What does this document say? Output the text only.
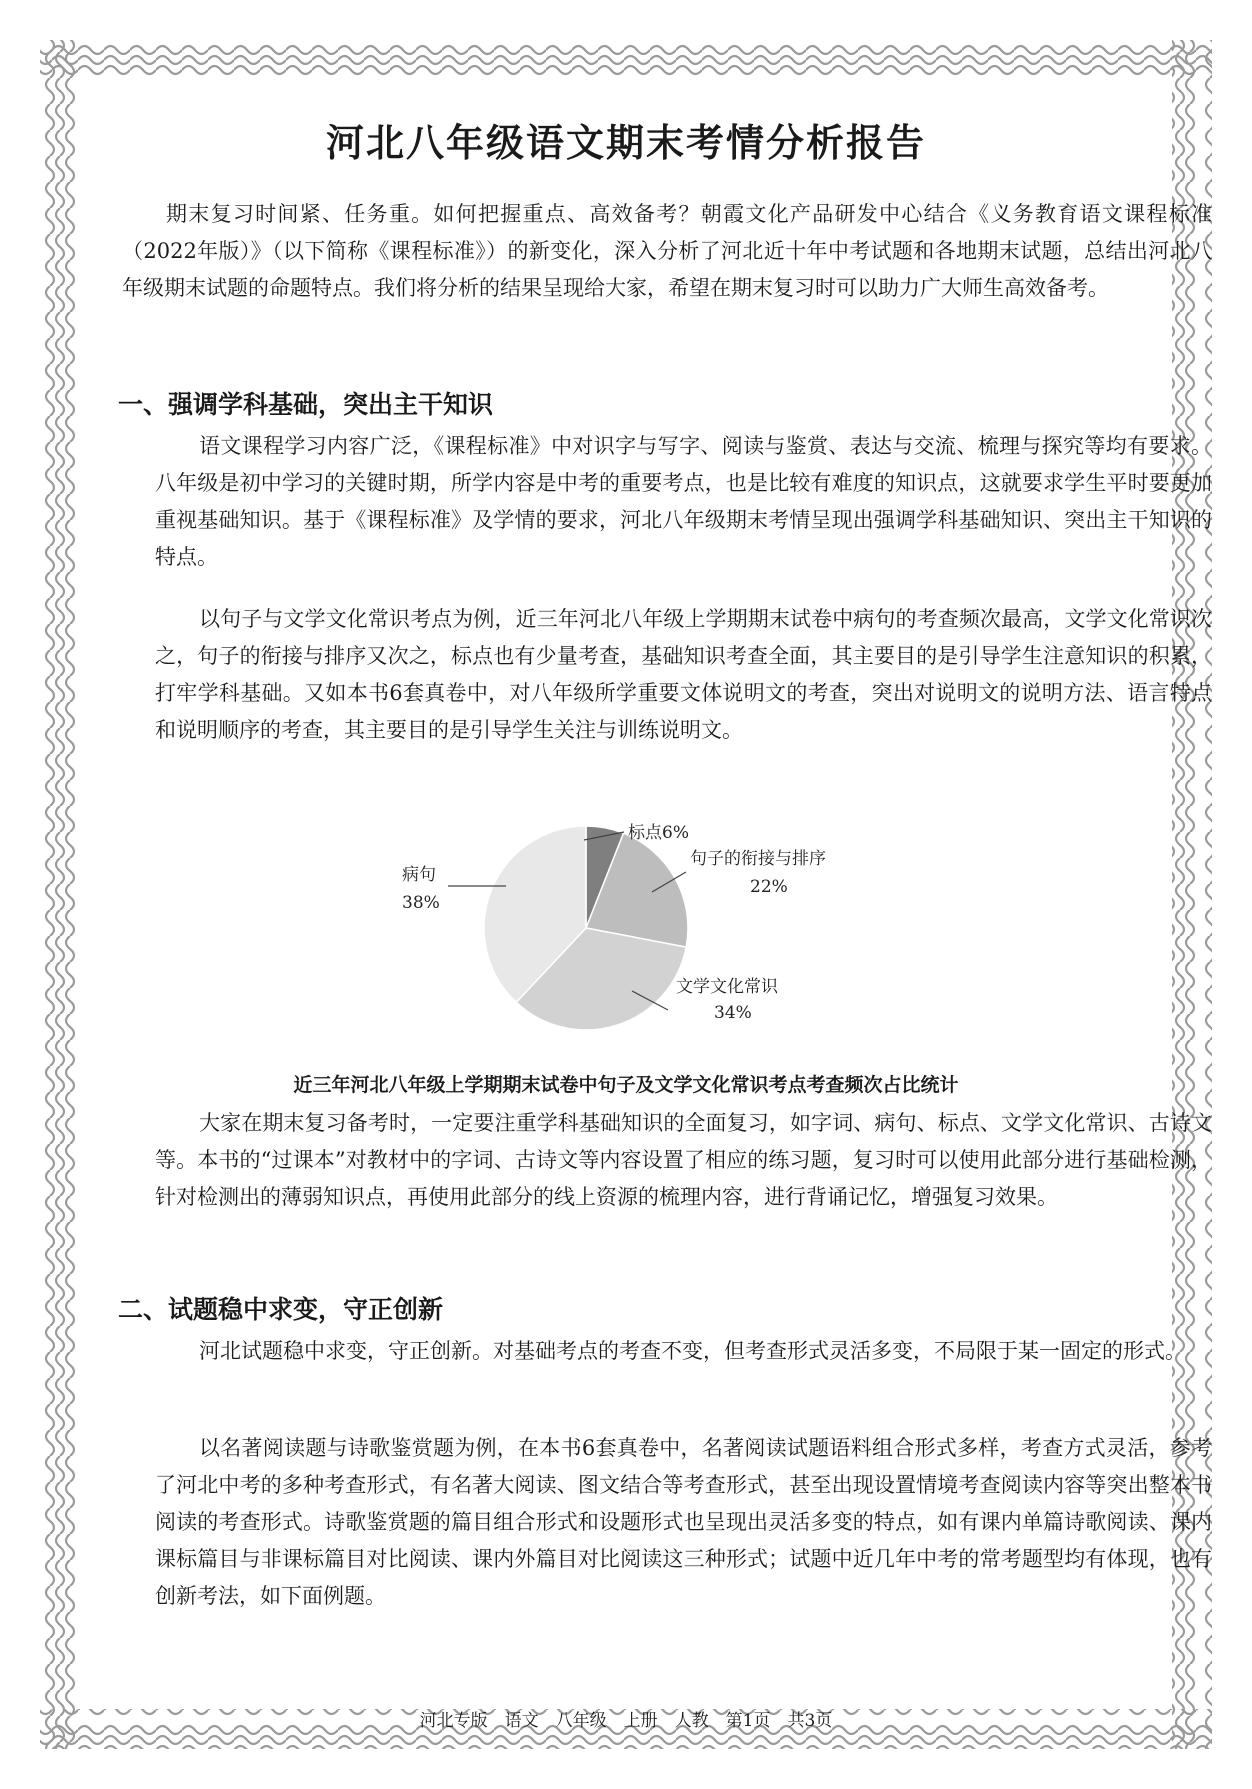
河北八年级语文期末考情分析报告

期末复习时间紧、任务重。如何把握重点、高效备考？朝霞文化产品研发中心结合《义务教育语文课程标准（2022年版）》（以下简称《课程标准》）的新变化，深入分析了河北近十年中考试题和各地期末试题，总结出河北八年级期末试题的命题特点。我们将分析的结果呈现给大家，希望在期末复习时可以助力广大师生高效备考。

一、强调学科基础，突出主干知识

语文课程学习内容广泛，《课程标准》中对识字与写字、阅读与鉴赏、表达与交流、梳理与探究等均有要求。八年级是初中学习的关键时期，所学内容是中考的重要考点，也是比较有难度的知识点，这就要求学生平时要更加重视基础知识。基于《课程标准》及学情的要求，河北八年级期末考情呈现出强调学科基础知识、突出主干知识的特点。

以句子与文学文化常识考点为例，近三年河北八年级上学期期末试卷中病句的考查频次最高，文学文化常识次之，句子的衔接与排序又次之，标点也有少量考查，基础知识考查全面，其主要目的是引导学生注意知识的积累，打牢学科基础。又如本书6套真卷中，对八年级所学重要文体说明文的考查，突出对说明文的说明方法、语言特点和说明顺序的考查，其主要目的是引导学生关注与训练说明文。

标点6%
句子的衔接与排序
22%
文学文化常识
34%
病句
38%
近三年河北八年级上学期期末试卷中句子及文学文化常识考点考查频次占比统计

大家在期末复习备考时，一定要注重学科基础知识的全面复习，如字词、病句、标点、文学文化常识、古诗文等。本书的“过课本”对教材中的字词、古诗文等内容设置了相应的练习题，复习时可以使用此部分进行基础检测，针对检测出的薄弱知识点，再使用此部分的线上资源的梳理内容，进行背诵记忆，增强复习效果。

二、试题稳中求变，守正创新

河北试题稳中求变，守正创新。对基础考点的考查不变，但考查形式灵活多变，不局限于某一固定的形式。

以名著阅读题与诗歌鉴赏题为例，在本书6套真卷中，名著阅读试题语料组合形式多样，考查方式灵活，参考了河北中考的多种考查形式，有名著大阅读、图文结合等考查形式，甚至出现设置情境考查阅读内容等突出整本书阅读的考查形式。诗歌鉴赏题的篇目组合形式和设题形式也呈现出灵活多变的特点，如有课内单篇诗歌阅读、课内课标篇目与非课标篇目对比阅读、课内外篇目对比阅读这三种形式；试题中近几年中考的常考题型均有体现，也有创新考法，如下面例题。

河北专版　语文　八年级　上册　人教　第1页　共3页
